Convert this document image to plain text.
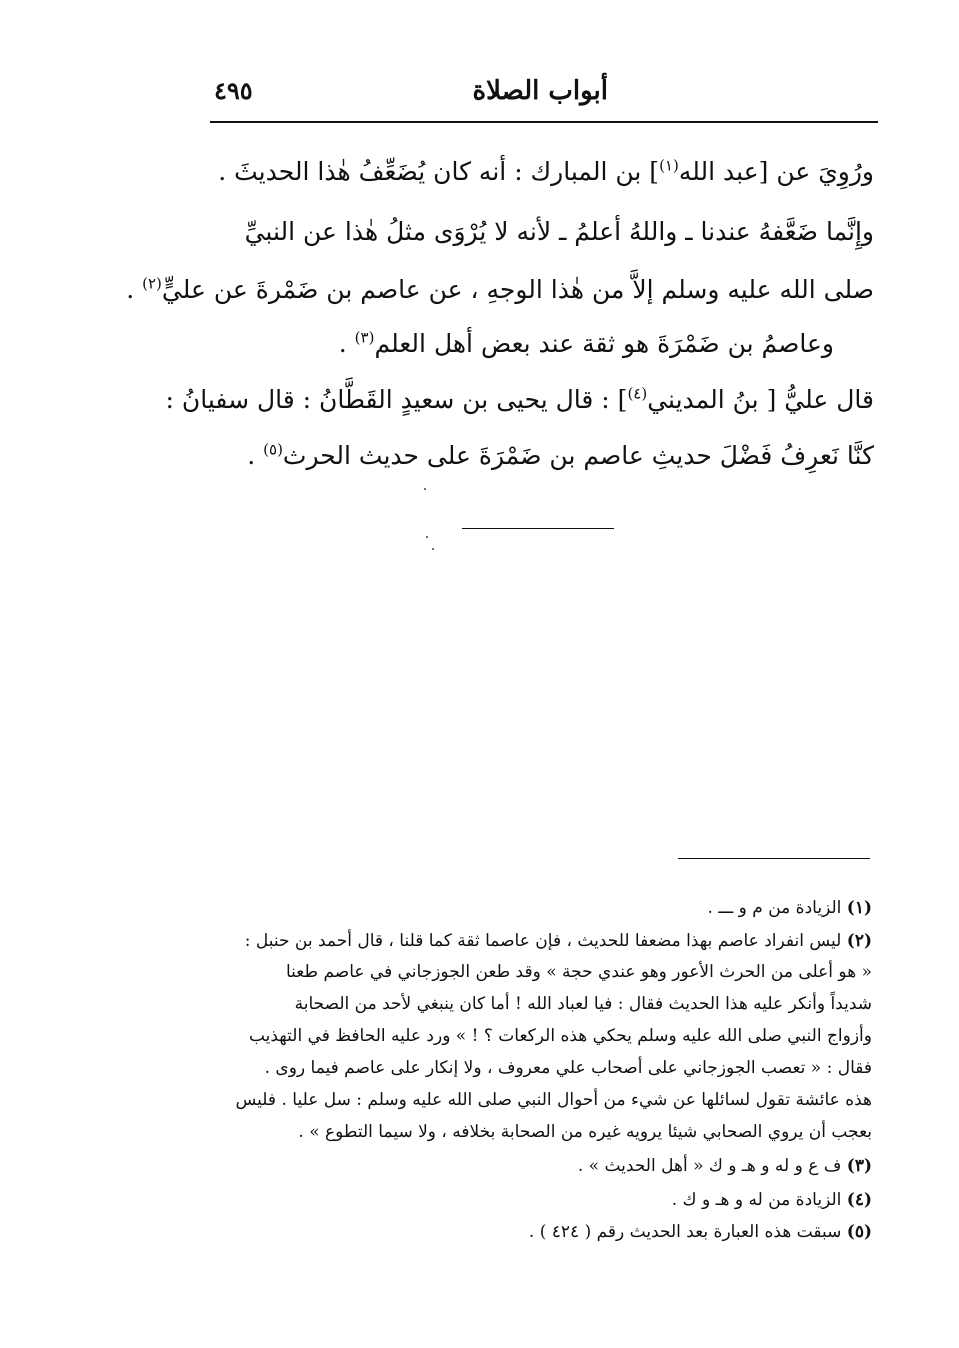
أبواب الصلاة
٤٩٥
ورُوِيَ عن [عبد الله$^{(١)}$] بن المبارك : أنه كان يُضَعِّفُ هٰذا الحديثَ .
وإِنَّما ضَعَّفهُ عندنا ـ واللهُ أعلمُ ـ لأنه لا يُرْوَى مثلُ هٰذا عن النبيِّ
صلى الله عليه وسلم إلاَّ من هٰذا الوجهِ ، عن عاصم بن ضَمْرةَ عن عليٍّ$^{(٢)}$ .
وعاصمُ بن ضَمْرَةَ هو ثقة عند بعض أهل العلم$^{(٣)}$ .
قال عليُّ [ بنُ المديني$^{(٤)}$] : قال يحيى بن سعيدٍ القَطَّانُ : قال سفيانُ :
كنَّا نَعرِفُ فَضْلَ حديثِ عاصم بن ضَمْرَةَ على حديث الحرث$^{(٥)}$ .
(١) الزيادة من م و ـــ .
(٢) ليس انفراد عاصم بهذا مضعفا للحديث ، فإن عاصما ثقة كما قلنا ، قال أحمد بن حنبل :
« هو أعلى من الحرث الأعور وهو عندي حجة » وقد طعن الجوزجاني في عاصم طعنا
شديداً وأنكر عليه هذا الحديث فقال : فيا لعباد الله ! أما كان ينبغي لأحد من الصحابة
وأزواج النبي صلى الله عليه وسلم يحكي هذه الركعات ؟ ! » ورد عليه الحافظ في التهذيب
فقال : « تعصب الجوزجاني على أصحاب علي معروف ، ولا إنكار على عاصم فيما روى .
هذه عائشة تقول لسائلها عن شيء من أحوال النبي صلى الله عليه وسلم : سل عليا . فليس
بعجب أن يروي الصحابي شيئا يرويه غيره من الصحابة بخلافه ، ولا سيما التطوع » .
(٣) ف ع و له و هـ و ك « أهل الحديث » .
(٤) الزيادة من له و هـ و ك .
(٥) سبقت هذه العبارة بعد الحديث رقم ( ٤٢٤ ) .
